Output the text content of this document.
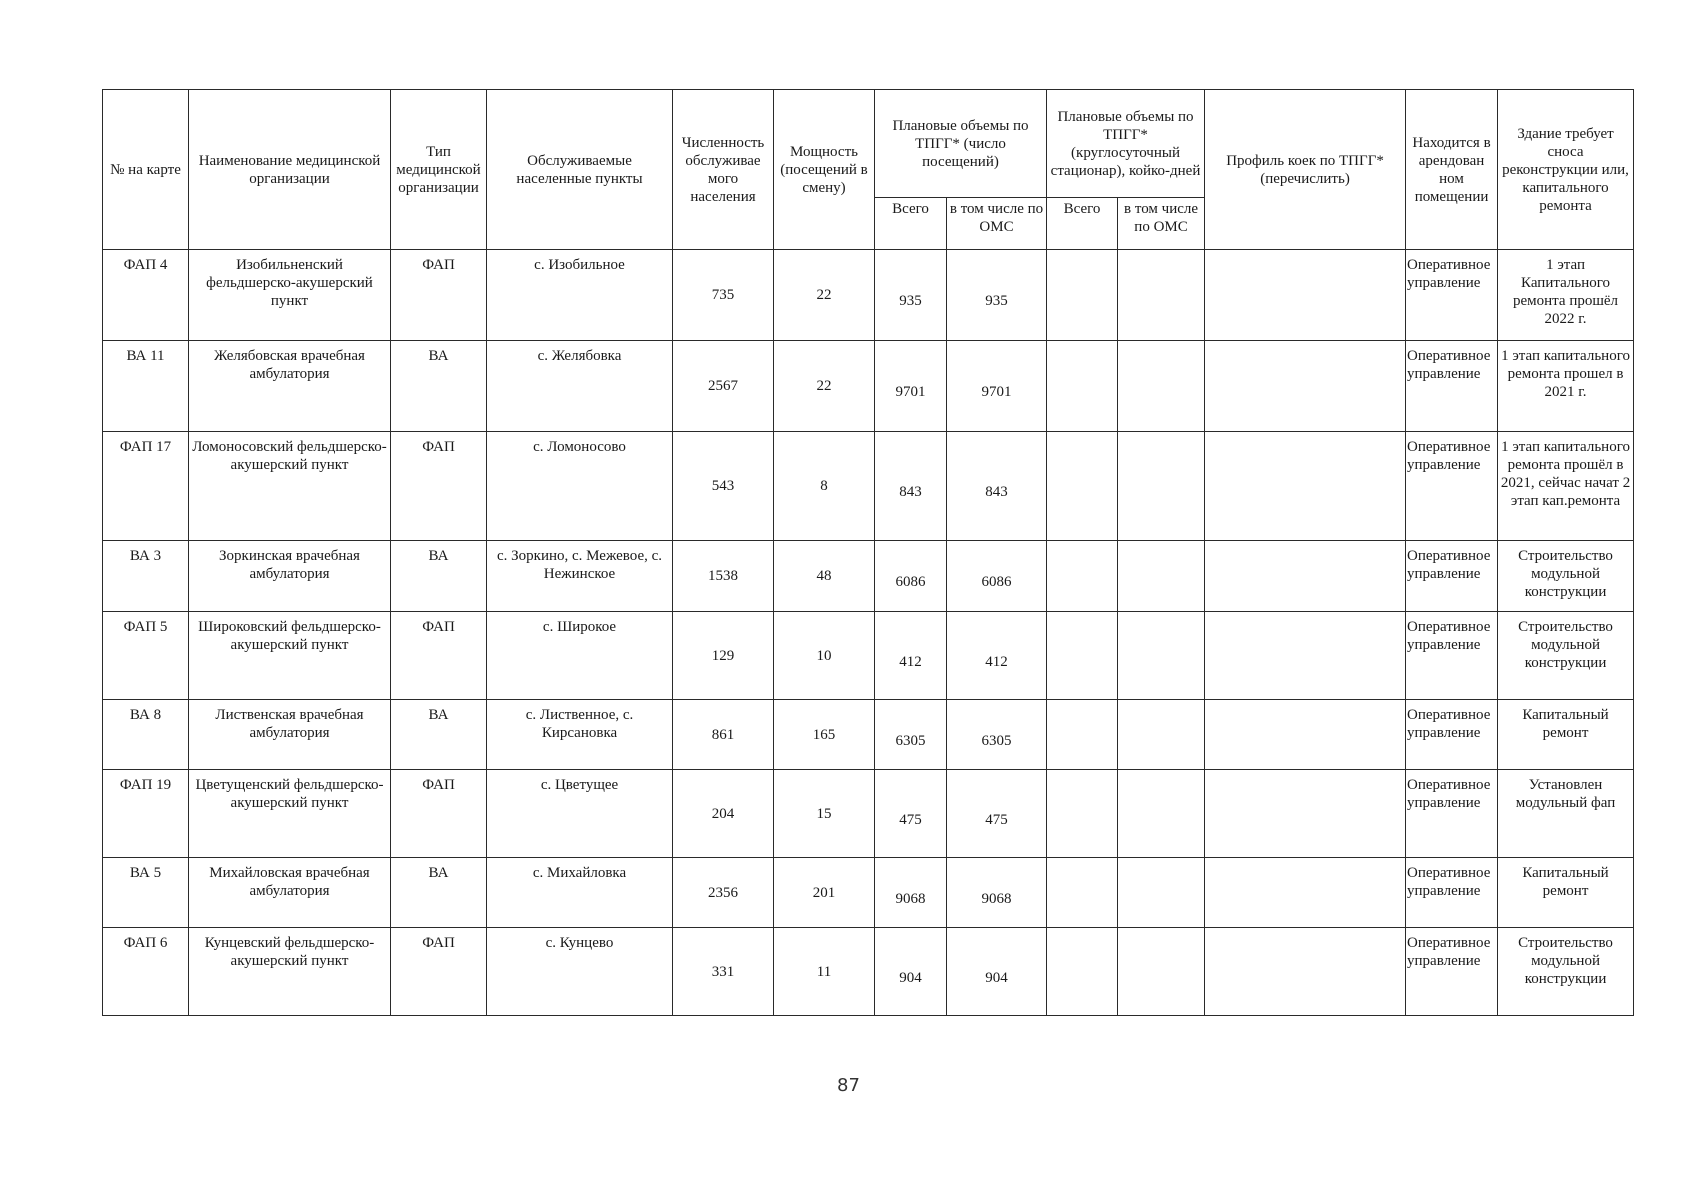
№ на карте	Наименование медицинской организации	Тип медицинской организации	Обслуживаемые населенные пункты	Численность обслуживае мого населения	Мощность (посещений в смену)	Плановые объемы по ТПГГ* (число посещений)		Плановые объемы по ТПГГ* (круглосуточный стационар), койко-дней		Профиль коек по ТПГГ* (перечислить)	Находится в арендован ном помещении	Здание требует сноса реконструкции или, капитального ремонта
						Всего	в том числе по ОМС	Всего	в том числе по ОМС			
ФАП 4	Изобильненский фельдшерско-акушерский пункт	ФАП	с. Изобильное	735	22	935	935				Оперативное управление	1 этап Капитального ремонта прошёл 2022 г.
ВА 11	Желябовская врачебная амбулатория	ВА	с. Желябовка	2567	22	9701	9701				Оперативное управление	1 этап капитального ремонта прошел в 2021 г.
ФАП 17	Ломоносовский фельдшерско-акушерский пункт	ФАП	с. Ломоносово	543	8	843	843				Оперативное управление	1 этап капитального ремонта прошёл в 2021, сейчас начат 2 этап кап.ремонта
ВА 3	Зоркинская врачебная амбулатория	ВА	с. Зоркино, с. Межевое, с. Нежинское	1538	48	6086	6086				Оперативное управление	Строительство модульной конструкции
ФАП 5	Широковский фельдшерско-акушерский пункт	ФАП	с. Широкое	129	10	412	412				Оперативное управление	Строительство модульной конструкции
ВА 8	Лиственская врачебная амбулатория	ВА	с. Лиственное, с. Кирсановка	861	165	6305	6305				Оперативное управление	Капитальный ремонт
ФАП 19	Цветущенский фельдшерско-акушерский пункт	ФАП	с. Цветущее	204	15	475	475				Оперативное управление	Установлен модульный фап
ВА 5	Михайловская врачебная амбулатория	ВА	с. Михайловка	2356	201	9068	9068				Оперативное управление	Капитальный ремонт
ФАП 6	Кунцевский фельдшерско-акушерский пункт	ФАП	с. Кунцево	331	11	904	904				Оперативное управление	Строительство модульной конструкции
87
